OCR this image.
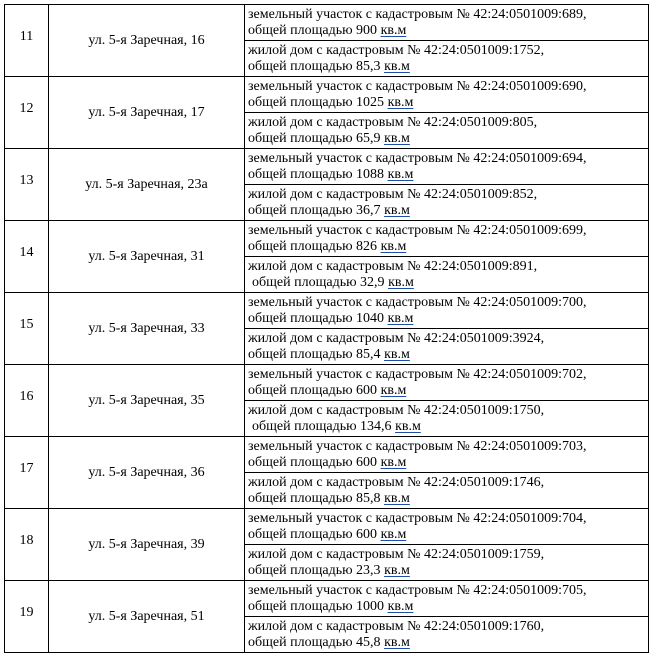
11	ул. 5-я Заречная, 16	земельный участок с кадастровым № 42:24:0501009:689,
общей площадью 900 кв.м

		жилой дом с кадастровым № 42:24:0501009:1752,
общей площадью 85,3 кв.м

12	ул. 5-я Заречная, 17	земельный участок с кадастровым № 42:24:0501009:690,
общей площадью 1025 кв.м

		жилой дом с кадастровым № 42:24:0501009:805,
общей площадью 65,9 кв.м

13	ул. 5-я Заречная, 23а	земельный участок с кадастровым № 42:24:0501009:694,
общей площадью 1088 кв.м

		жилой дом с кадастровым № 42:24:0501009:852,
общей площадью 36,7 кв.м

14	ул. 5-я Заречная, 31	земельный участок с кадастровым № 42:24:0501009:699,
общей площадью 826 кв.м

		жилой дом с кадастровым № 42:24:0501009:891,
общей площадью 32,9 кв.м

15	ул. 5-я Заречная, 33	земельный участок с кадастровым № 42:24:0501009:700,
общей площадью 1040 кв.м

		жилой дом с кадастровым № 42:24:0501009:3924,
общей площадью 85,4 кв.м

16	ул. 5-я Заречная, 35	земельный участок с кадастровым № 42:24:0501009:702,
общей площадью 600 кв.м

		жилой дом с кадастровым № 42:24:0501009:1750,
общей площадью 134,6 кв.м

17	ул. 5-я Заречная, 36	земельный участок с кадастровым № 42:24:0501009:703,
общей площадью 600 кв.м

		жилой дом с кадастровым № 42:24:0501009:1746,
общей площадью 85,8 кв.м

18	ул. 5-я Заречная, 39	земельный участок с кадастровым № 42:24:0501009:704,
общей площадью 600 кв.м

		жилой дом с кадастровым № 42:24:0501009:1759,
общей площадью 23,3 кв.м

19	ул. 5-я Заречная, 51	земельный участок с кадастровым № 42:24:0501009:705,
общей площадью 1000 кв.м

		жилой дом с кадастровым № 42:24:0501009:1760,
общей площадью 45,8 кв.м
